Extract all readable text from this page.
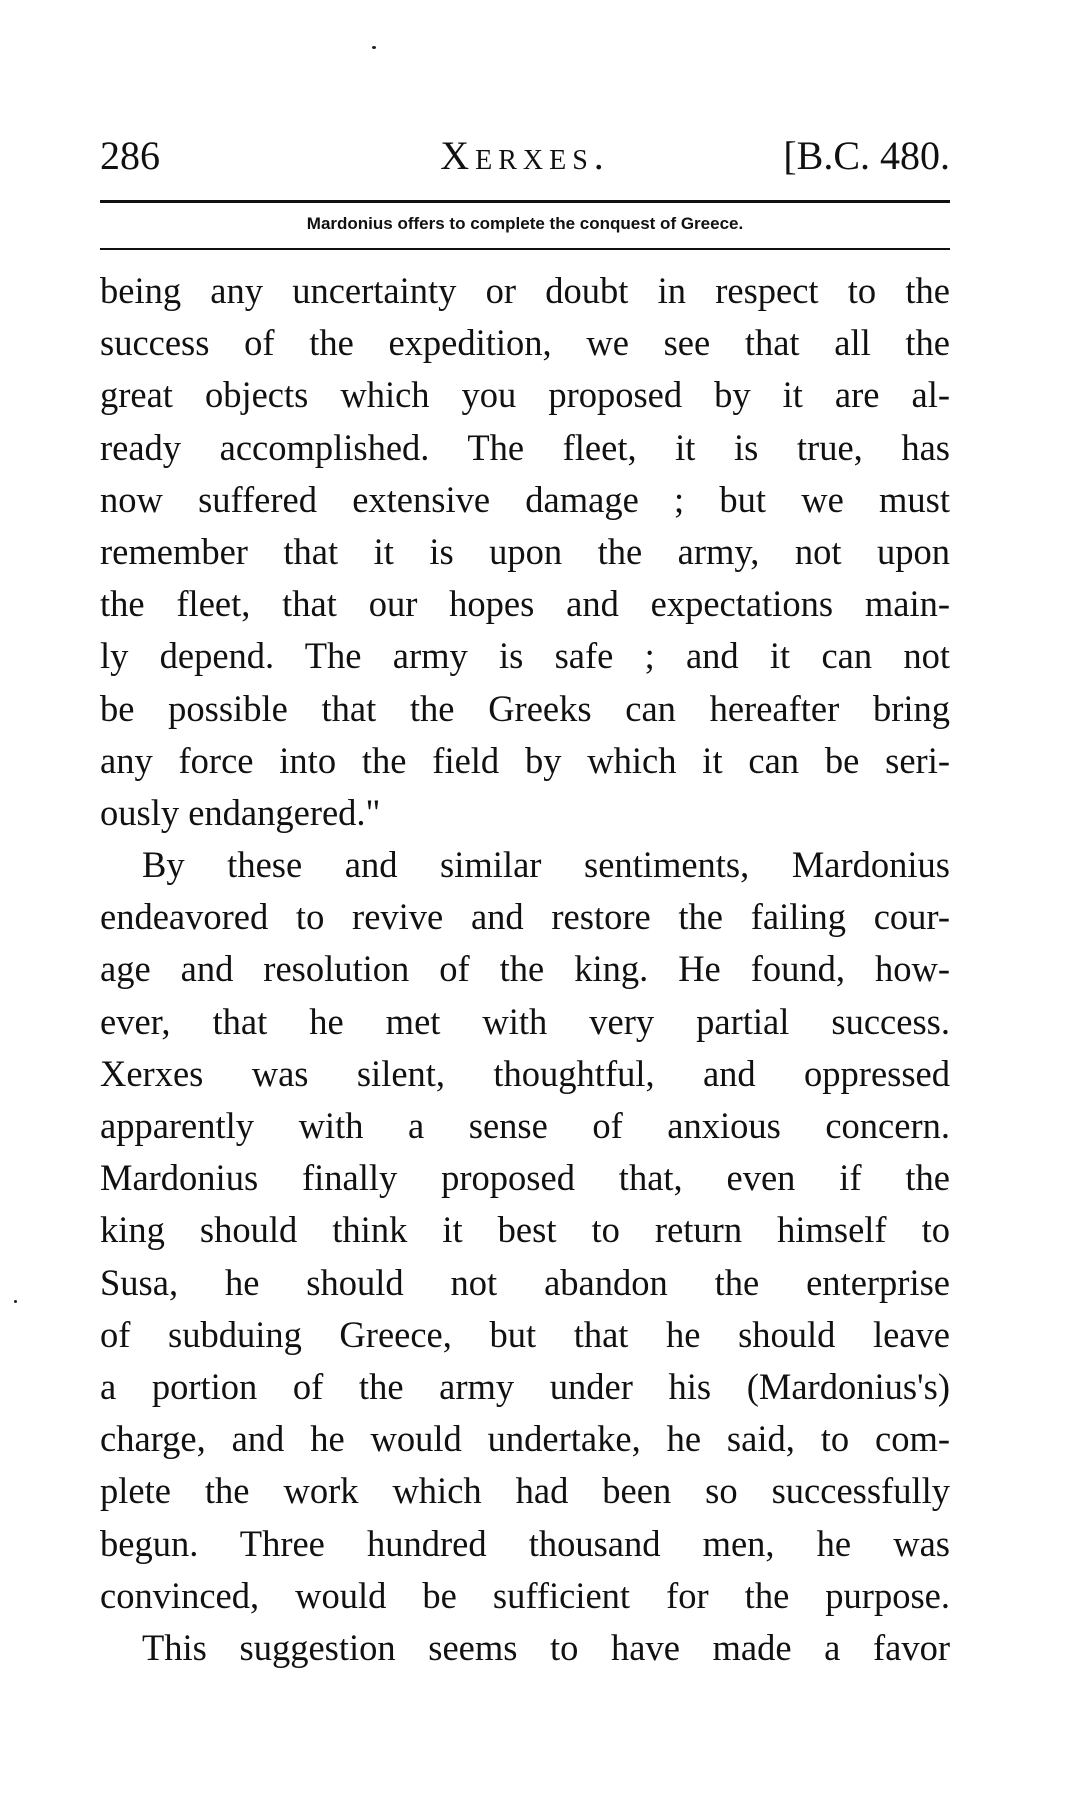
286	Xerxes.	[B.C. 480.
Mardonius offers to complete the conquest of Greece.
being any uncertainty or doubt in respect to the
success of the expedition, we see that all the
great objects which you proposed by it are al-
ready accomplished. The fleet, it is true, has
now suffered extensive damage ; but we must
remember that it is upon the army, not upon
the fleet, that our hopes and expectations main-
ly depend. The army is safe ; and it can not
be possible that the Greeks can hereafter bring
any force into the field by which it can be seri-
ously endangered."
By these and similar sentiments, Mardonius
endeavored to revive and restore the failing cour-
age and resolution of the king. He found, how-
ever, that he met with very partial success.
Xerxes was silent, thoughtful, and oppressed
apparently with a sense of anxious concern.
Mardonius finally proposed that, even if the
king should think it best to return himself to
Susa, he should not abandon the enterprise
of subduing Greece, but that he should leave
a portion of the army under his (Mardonius's)
charge, and he would undertake, he said, to com-
plete the work which had been so successfully
begun. Three hundred thousand men, he was
convinced, would be sufficient for the purpose.
This suggestion seems to have made a favor
